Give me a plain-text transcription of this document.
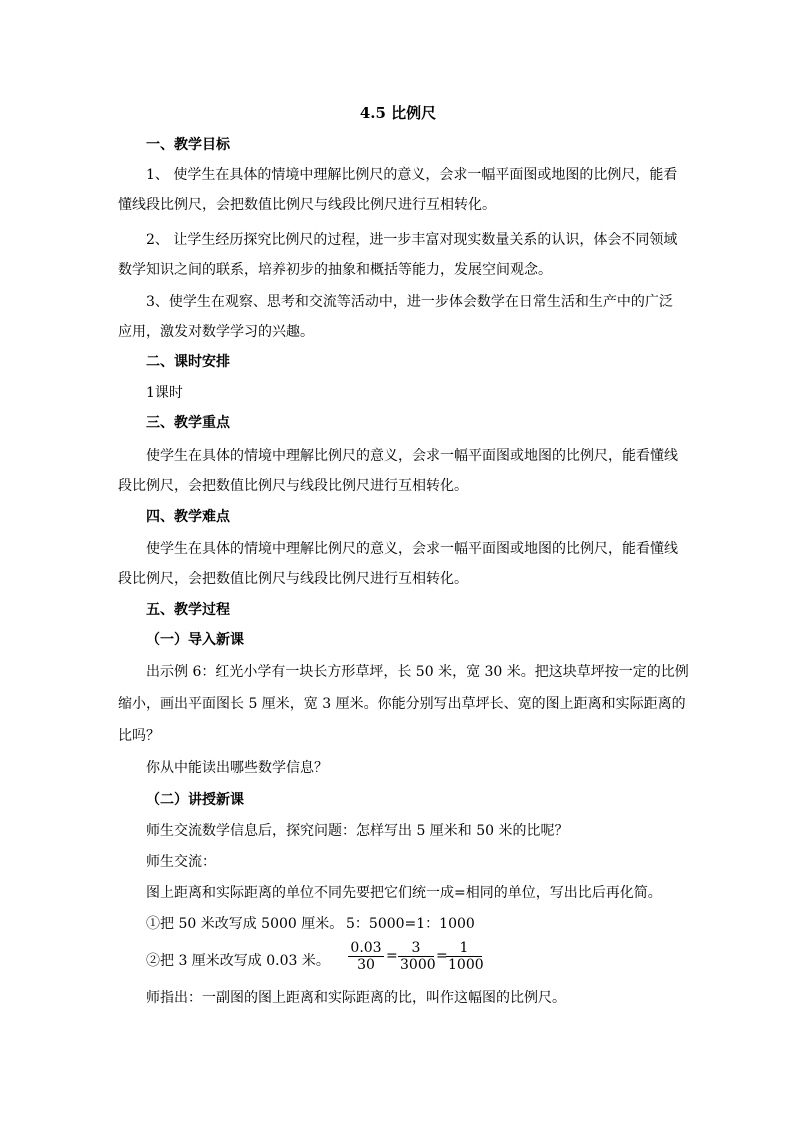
4.5 比例尺
一、教学目标
1、 使学生在具体的情境中理解比例尺的意义，会求一幅平面图或地图的比例尺，能看
懂线段比例尺，会把数值比例尺与线段比例尺进行互相转化。
2、 让学生经历探究比例尺的过程，进一步丰富对现实数量关系的认识，体会不同领域
数学知识之间的联系，培养初步的抽象和概括等能力，发展空间观念。
3、使学生在观察、思考和交流等活动中，进一步体会数学在日常生活和生产中的广泛
应用，激发对数学学习的兴趣。
二、课时安排
1课时
三、教学重点
使学生在具体的情境中理解比例尺的意义，会求一幅平面图或地图的比例尺，能看懂线
段比例尺，会把数值比例尺与线段比例尺进行互相转化。
四、教学难点
使学生在具体的情境中理解比例尺的意义，会求一幅平面图或地图的比例尺，能看懂线
段比例尺，会把数值比例尺与线段比例尺进行互相转化。
五、教学过程
（一）导入新课
出示例 6：红光小学有一块长方形草坪，长 50 米，宽 30 米。把这块草坪按一定的比例
缩小，画出平面图长 5 厘米，宽 3 厘米。你能分别写出草坪长、宽的图上距离和实际距离的
比吗？
你从中能读出哪些数学信息？
（二）讲授新课
师生交流数学信息后，探究问题：怎样写出 5 厘米和 50 米的比呢？
师生交流：
图上距离和实际距离的单位不同先要把它们统一成=相同的单位，写出比后再化简。
①把 50 米改写成 5000 厘米。 5：5000=1：1000
②把 3 厘米改写成 0.03 米。	$\frac{0.03}{30} = \frac{3}{3000}$ =
$\frac{1}{1000}$
师指出：一副图的图上距离和实际距离的比，叫作这幅图的比例尺。
